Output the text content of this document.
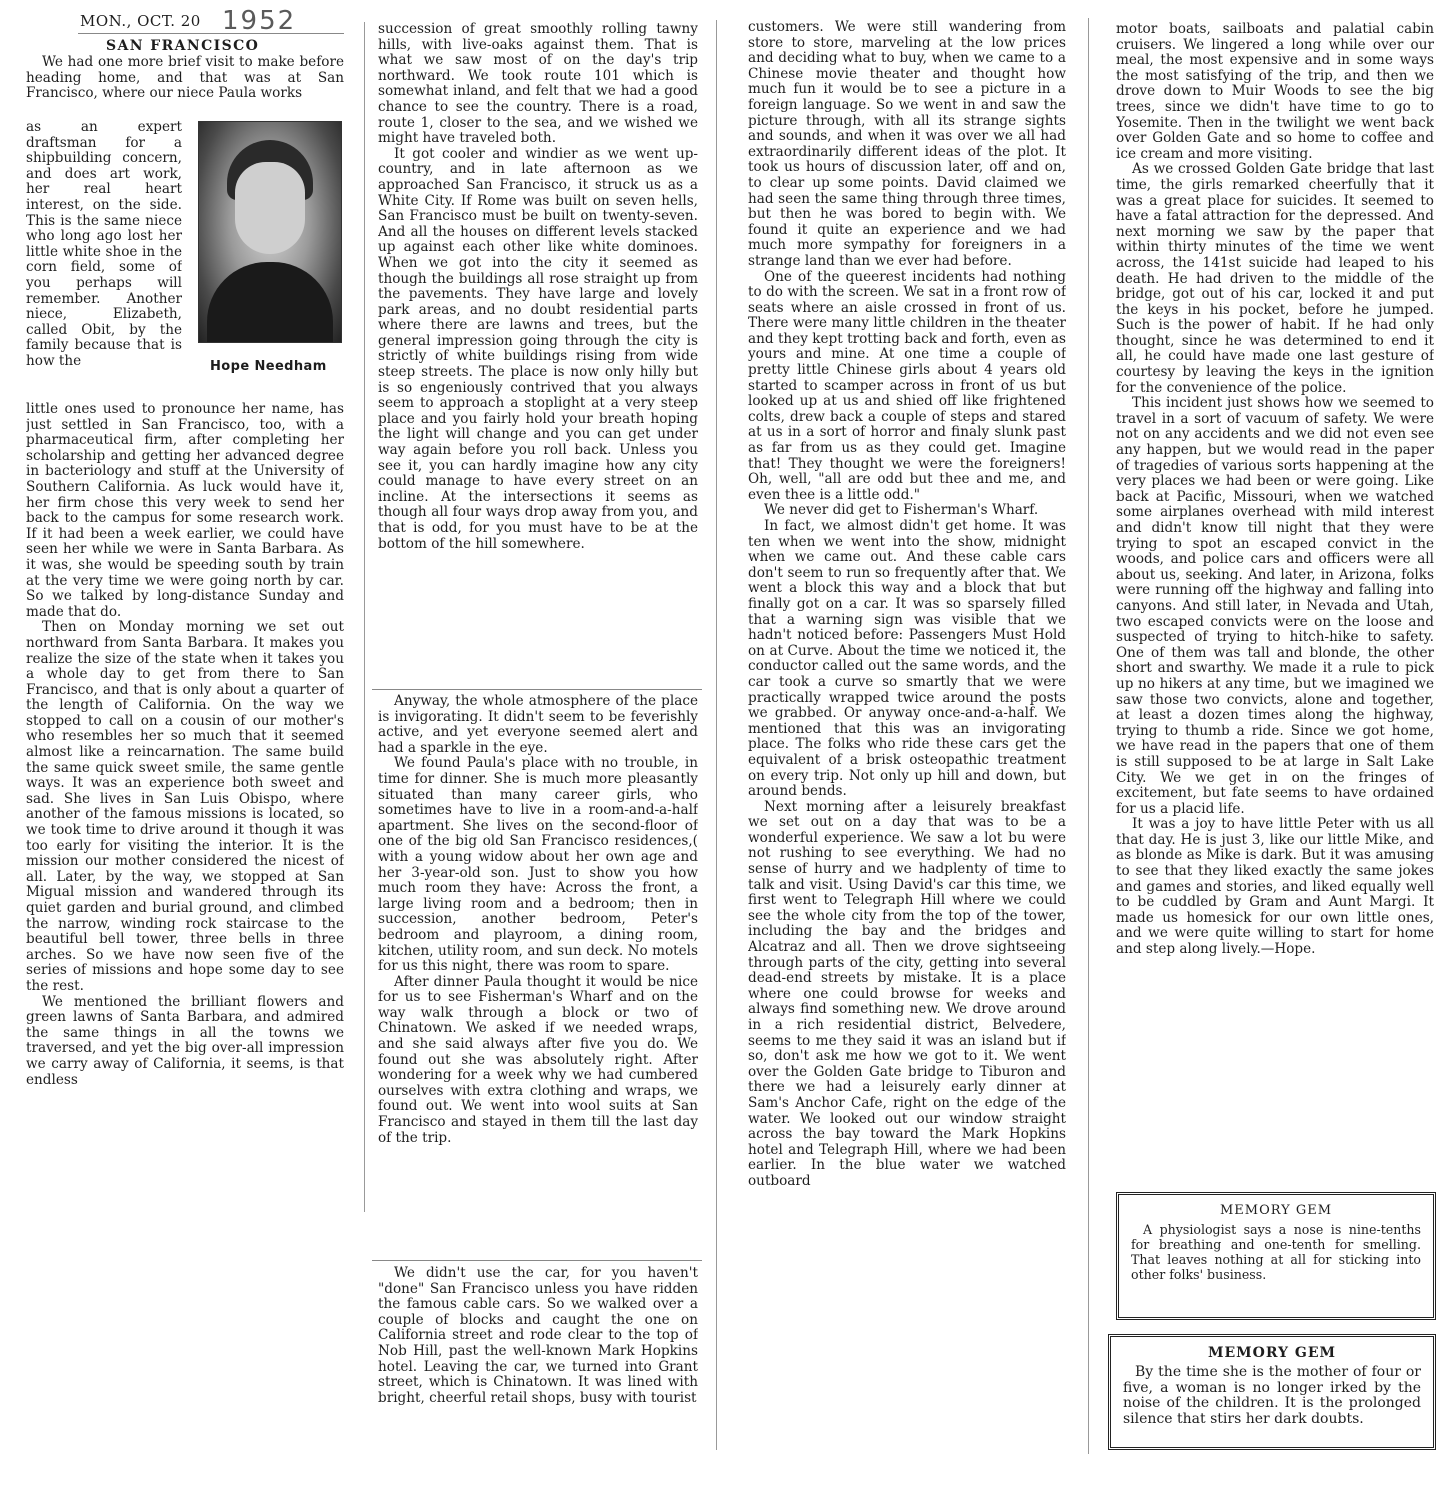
MON., OCT. 20 1952
SAN FRANCISCO

We had one more brief visit to make before heading home, and that was at San Francisco, where our niece Paula works

as an expert draftsman for a shipbuilding concern, and does art work, her real heart interest, on the side. This is the same niece who long ago lost her little white shoe in the corn field, some of you perhaps will remember. Another niece, Elizabeth, called Obit, by the family because that is how the	Hope Needham

little ones used to pronounce her name, has just settled in San Francisco, too, with a pharmaceutical firm, after completing her scholarship and getting her advanced degree in bacteriology and stuff at the University of Southern California. As luck would have it, her firm chose this very week to send her back to the campus for some research work. If it had been a week earlier, we could have seen her while we were in Santa Barbara. As it was, she would be speeding south by train at the very time we were going north by car. So we talked by long-distance Sunday and made that do.

Then on Monday morning we set out northward from Santa Barbara. It makes you realize the size of the state when it takes you a whole day to get from there to San Francisco, and that is only about a quarter of the length of California. On the way we stopped to call on a cousin of our mother's who resembles her so much that it seemed almost like a reincarnation. The same build the same quick sweet smile, the same gentle ways. It was an experience both sweet and sad. She lives in San Luis Obispo, where another of the famous missions is located, so we took time to drive around it though it was too early for visiting the interior. It is the mission our mother considered the nicest of all. Later, by the way, we stopped at San Migual mission and wandered through its quiet garden and burial ground, and climbed the narrow, winding rock staircase to the beautiful bell tower, three bells in three arches. So we have now seen five of the series of missions and hope some day to see the rest.

We mentioned the brilliant flowers and green lawns of Santa Barbara, and admired the same things in all the towns we traversed, and yet the big over-all impression we carry away of California, it seems, is that endless

succession of great smoothly rolling tawny hills, with live-oaks against them. That is what we saw most of on the day's trip northward. We took route 101 which is somewhat inland, and felt that we had a good chance to see the country. There is a road, route 1, closer to the sea, and we wished we might have traveled both.

It got cooler and windier as we went up-country, and in late afternoon as we approached San Francisco, it struck us as a White City. If Rome was built on seven hells, San Francisco must be built on twenty-seven. And all the houses on different levels stacked up against each other like white dominoes. When we got into the city it seemed as though the buildings all rose straight up from the pavements. They have large and lovely park areas, and no doubt residential parts where there are lawns and trees, but the general impression going through the city is strictly of white buildings rising from wide steep streets. The place is now only hilly but is so engeniously contrived that you always seem to approach a stoplight at a very steep place and you fairly hold your breath hoping the light will change and you can get under way again before you roll back. Unless you see it, you can hardly imagine how any city could manage to have every street on an incline. At the intersections it seems as though all four ways drop away from you, and that is odd, for you must have to be at the bottom of the hill somewhere.

Anyway, the whole atmosphere of the place is invigorating. It didn't seem to be feverishly active, and yet everyone seemed alert and had a sparkle in the eye.

We found Paula's place with no trouble, in time for dinner. She is much more pleasantly situated than many career girls, who sometimes have to live in a room-and-a-half apartment. She lives on the second-floor of one of the big old San Francisco residences,( with a young widow about her own age and her 3-year-old son. Just to show you how much room they have: Across the front, a large living room and a bedroom; then in succession, another bedroom, Peter's bedroom and playroom, a dining room, kitchen, utility room, and sun deck. No motels for us this night, there was room to spare.

After dinner Paula thought it would be nice for us to see Fisherman's Wharf and on the way walk through a block or two of Chinatown. We asked if we needed wraps, and she said always after five you do. We found out she was absolutely right. After wondering for a week why we had cumbered ourselves with extra clothing and wraps, we found out. We went into wool suits at San Francisco and stayed in them till the last day of the trip.

We didn't use the car, for you haven't "done" San Francisco unless you have ridden the famous cable cars. So we walked over a couple of blocks and caught the one on California street and rode clear to the top of Nob Hill, past the well-known Mark Hopkins hotel. Leaving the car, we turned into Grant street, which is Chinatown. It was lined with bright, cheerful retail shops, busy with tourist

customers. We were still wandering from store to store, marveling at the low prices and deciding what to buy, when we came to a Chinese movie theater and thought how much fun it would be to see a picture in a foreign language. So we went in and saw the picture through, with all its strange sights and sounds, and when it was over we all had extraordinarily different ideas of the plot. It took us hours of discussion later, off and on, to clear up some points. David claimed we had seen the same thing through three times, but then he was bored to begin with. We found it quite an experience and we had much more sympathy for foreigners in a strange land than we ever had before.

One of the queerest incidents had nothing to do with the screen. We sat in a front row of seats where an aisle crossed in front of us. There were many little children in the theater and they kept trotting back and forth, even as yours and mine. At one time a couple of pretty little Chinese girls about 4 years old started to scamper across in front of us but looked up at us and shied off like frightened colts, drew back a couple of steps and stared at us in a sort of horror and finaly slunk past as far from us as they could get. Imagine that! They thought we were the foreigners! Oh, well, "all are odd but thee and me, and even thee is a little odd."

We never did get to Fisherman's Wharf.

In fact, we almost didn't get home. It was ten when we went into the show, midnight when we came out. And these cable cars don't seem to run so frequently after that. We went a block this way and a block that but finally got on a car. It was so sparsely filled that a warning sign was visible that we hadn't noticed before: Passengers Must Hold on at Curve. About the time we noticed it, the conductor called out the same words, and the car took a curve so smartly that we were practically wrapped twice around the posts we grabbed. Or anyway once-and-a-half. We mentioned that this was an invigorating place. The folks who ride these cars get the equivalent of a brisk osteopathic treatment on every trip. Not only up hill and down, but around bends.

Next morning after a leisurely breakfast we set out on a day that was to be a wonderful experience. We saw a lot bu were not rushing to see everything. We had no sense of hurry and we hadplenty of time to talk and visit. Using David's car this time, we first went to Telegraph Hill where we could see the whole city from the top of the tower, including the bay and the bridges and Alcatraz and all. Then we drove sightseeing through parts of the city, getting into several dead-end streets by mistake. It is a place where one could browse for weeks and always find something new. We drove around in a rich residential district, Belvedere, seems to me they said it was an island but if so, don't ask me how we got to it. We went over the Golden Gate bridge to Tiburon and there we had a leisurely early dinner at Sam's Anchor Cafe, right on the edge of the water. We looked out our window straight across the bay toward the Mark Hopkins hotel and Telegraph Hill, where we had been earlier. In the blue water we watched outboard

motor boats, sailboats and palatial cabin cruisers. We lingered a long while over our meal, the most expensive and in some ways the most satisfying of the trip, and then we drove down to Muir Woods to see the big trees, since we didn't have time to go to Yosemite. Then in the twilight we went back over Golden Gate and so home to coffee and ice cream and more visiting.

As we crossed Golden Gate bridge that last time, the girls remarked cheerfully that it was a great place for suicides. It seemed to have a fatal attraction for the depressed. And next morning we saw by the paper that within thirty minutes of the time we went across, the 141st suicide had leaped to his death. He had driven to the middle of the bridge, got out of his car, locked it and put the keys in his pocket, before he jumped. Such is the power of habit. If he had only thought, since he was determined to end it all, he could have made one last gesture of courtesy by leaving the keys in the ignition for the convenience of the police.

This incident just shows how we seemed to travel in a sort of vacuum of safety. We were not on any accidents and we did not even see any happen, but we would read in the paper of tragedies of various sorts happening at the very places we had been or were going. Like back at Pacific, Missouri, when we watched some airplanes overhead with mild interest and didn't know till night that they were trying to spot an escaped convict in the woods, and police cars and officers were all about us, seeking. And later, in Arizona, folks were running off the highway and falling into canyons. And still later, in Nevada and Utah, two escaped convicts were on the loose and suspected of trying to hitch-hike to safety. One of them was tall and blonde, the other short and swarthy. We made it a rule to pick up no hikers at any time, but we imagined we saw those two convicts, alone and together, at least a dozen times along the highway, trying to thumb a ride. Since we got home, we have read in the papers that one of them is still supposed to be at large in Salt Lake City. We we get in on the fringes of excitement, but fate seems to have ordained for us a placid life.

It was a joy to have little Peter with us all that day. He is just 3, like our little Mike, and as blonde as Mike is dark. But it was amusing to see that they liked exactly the same jokes and games and stories, and liked equally well to be cuddled by Gram and Aunt Margi. It made us homesick for our own little ones, and we were quite willing to start for home and step along lively.—Hope.

MEMORY GEM
A physiologist says a nose is nine-tenths for breathing and one-tenth for smelling. That leaves nothing at all for sticking into other folks' business.
MEMORY GEM
By the time she is the mother of four or five, a woman is no longer irked by the noise of the children. It is the prolonged silence that stirs her dark doubts.
